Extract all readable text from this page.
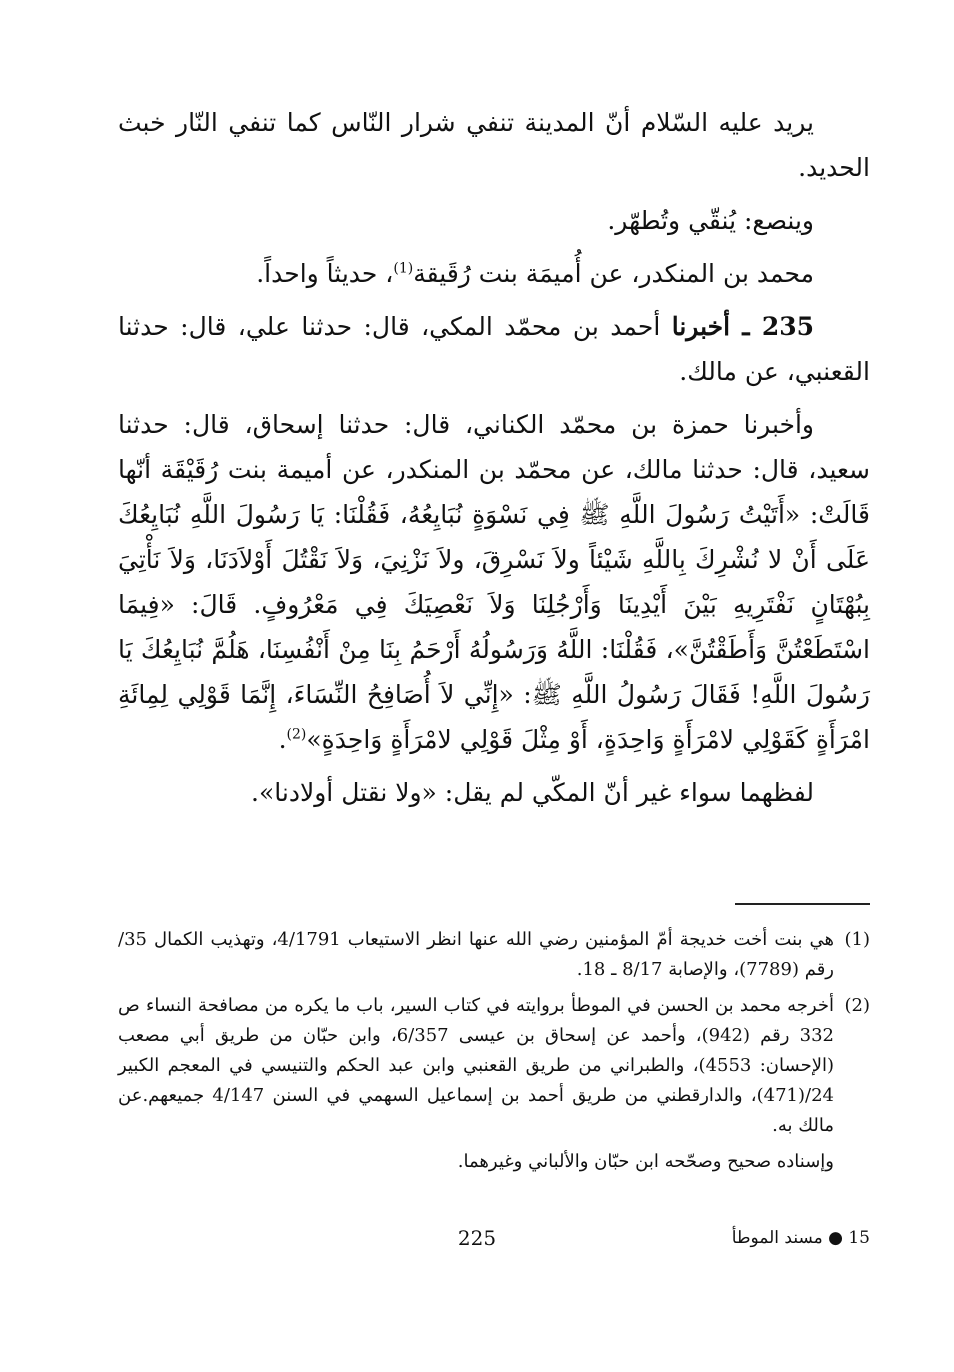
يريد عليه السّلام أنّ المدينة تنفي شرار النّاس كما تنفي النّار خبث الحديد.

وينصع: يُنقّي وتُطهّر.

محمد بن المنكدر، عن أُميمَة بنت رُقَيقة$^{(1)}$، حديثاً واحداً.

235 ـ أخبرنا أحمد بن محمّد المكي، قال: حدثنا علي، قال: حدثنا القعنبي، عن مالك.

وأخبرنا حمزة بن محمّد الكناني، قال: حدثنا إسحاق، قال: حدثنا سعيد، قال: حدثنا مالك، عن محمّد بن المنكدر، عن أميمة بنت رُقَيْقَة أنّها قَالَتْ: «أَتَيْتُ رَسُولَ اللَّهِ ﷺ فِي نَسْوَةٍ نُبَايِعُهُ، فَقُلْنَا: يَا رَسُولَ اللَّهِ نُبَايِعُكَ عَلَى أَنْ لا نُشْرِكَ بِاللَّهِ شَيْئاً ولاَ نَسْرِقَ، ولاَ نَزْنِيَ، وَلاَ نَقْتُلَ أَوْلاَدَنَا، وَلاَ نَأْتِيَ بِبُهْتَانٍ نَفْتَرِيهِ بَيْنَ أَيْدِينَا وَأَرْجُلِنَا وَلاَ نَعْصِيَكَ فِي مَعْرُوفٍ. قَالَ: «فِيمَا اسْتَطَعْتُنَّ وَأَطَقْتُنَّ»، فَقُلْنَا: اللَّهُ وَرَسُولُهُ أَرْحَمُ بِنَا مِنْ أَنْفُسِنَا، هَلُمَّ نُبَايِعُكَ يَا رَسُولَ اللَّهِ! فَقَالَ رَسُولُ اللَّهِ ﷺ: «إِنِّي لاَ أُصَافِحُ النِّسَاءَ، إِنَّمَا قَوْلِي لِمِائَةِ امْرَأَةٍ كَقَوْلِي لامْرَأَةٍ وَاحِدَةٍ، أَوْ مِثْلَ قَوْلِي لامْرَأَةٍ وَاحِدَةٍ»$^{(2)}$.

لفظهما سواء غير أنّ المكّي لم يقل: «ولا نقتل أولادنا».

(1)
هي بنت أخت خديجة أمّ المؤمنين رضي الله عنها انظر الاستيعاب 4/1791، وتهذيب الكمال 35/ رقم (7789)، والإصابة 8/17 ـ 18.
(2)
أخرجه محمد بن الحسن في الموطأ بروايته في كتاب السير، باب ما يكره من مصافحة النساء ص 332 رقم (942)، وأحمد عن إسحاق بن عيسى 6/357، وابن حبّان من طريق أبي مصعب (الإحسان: 4553)، والطبراني من طريق القعنبي وابن عبد الحكم والتنيسي في المعجم الكبير 24/(471)، والدارقطني من طريق أحمد بن إسماعيل السهمي في السنن 4/147 جميعهم.عن مالك به.
وإسناده صحيح وصحّحه ابن حبّان والألباني وغيرهما.
225	15 ● مسند الموطأ
